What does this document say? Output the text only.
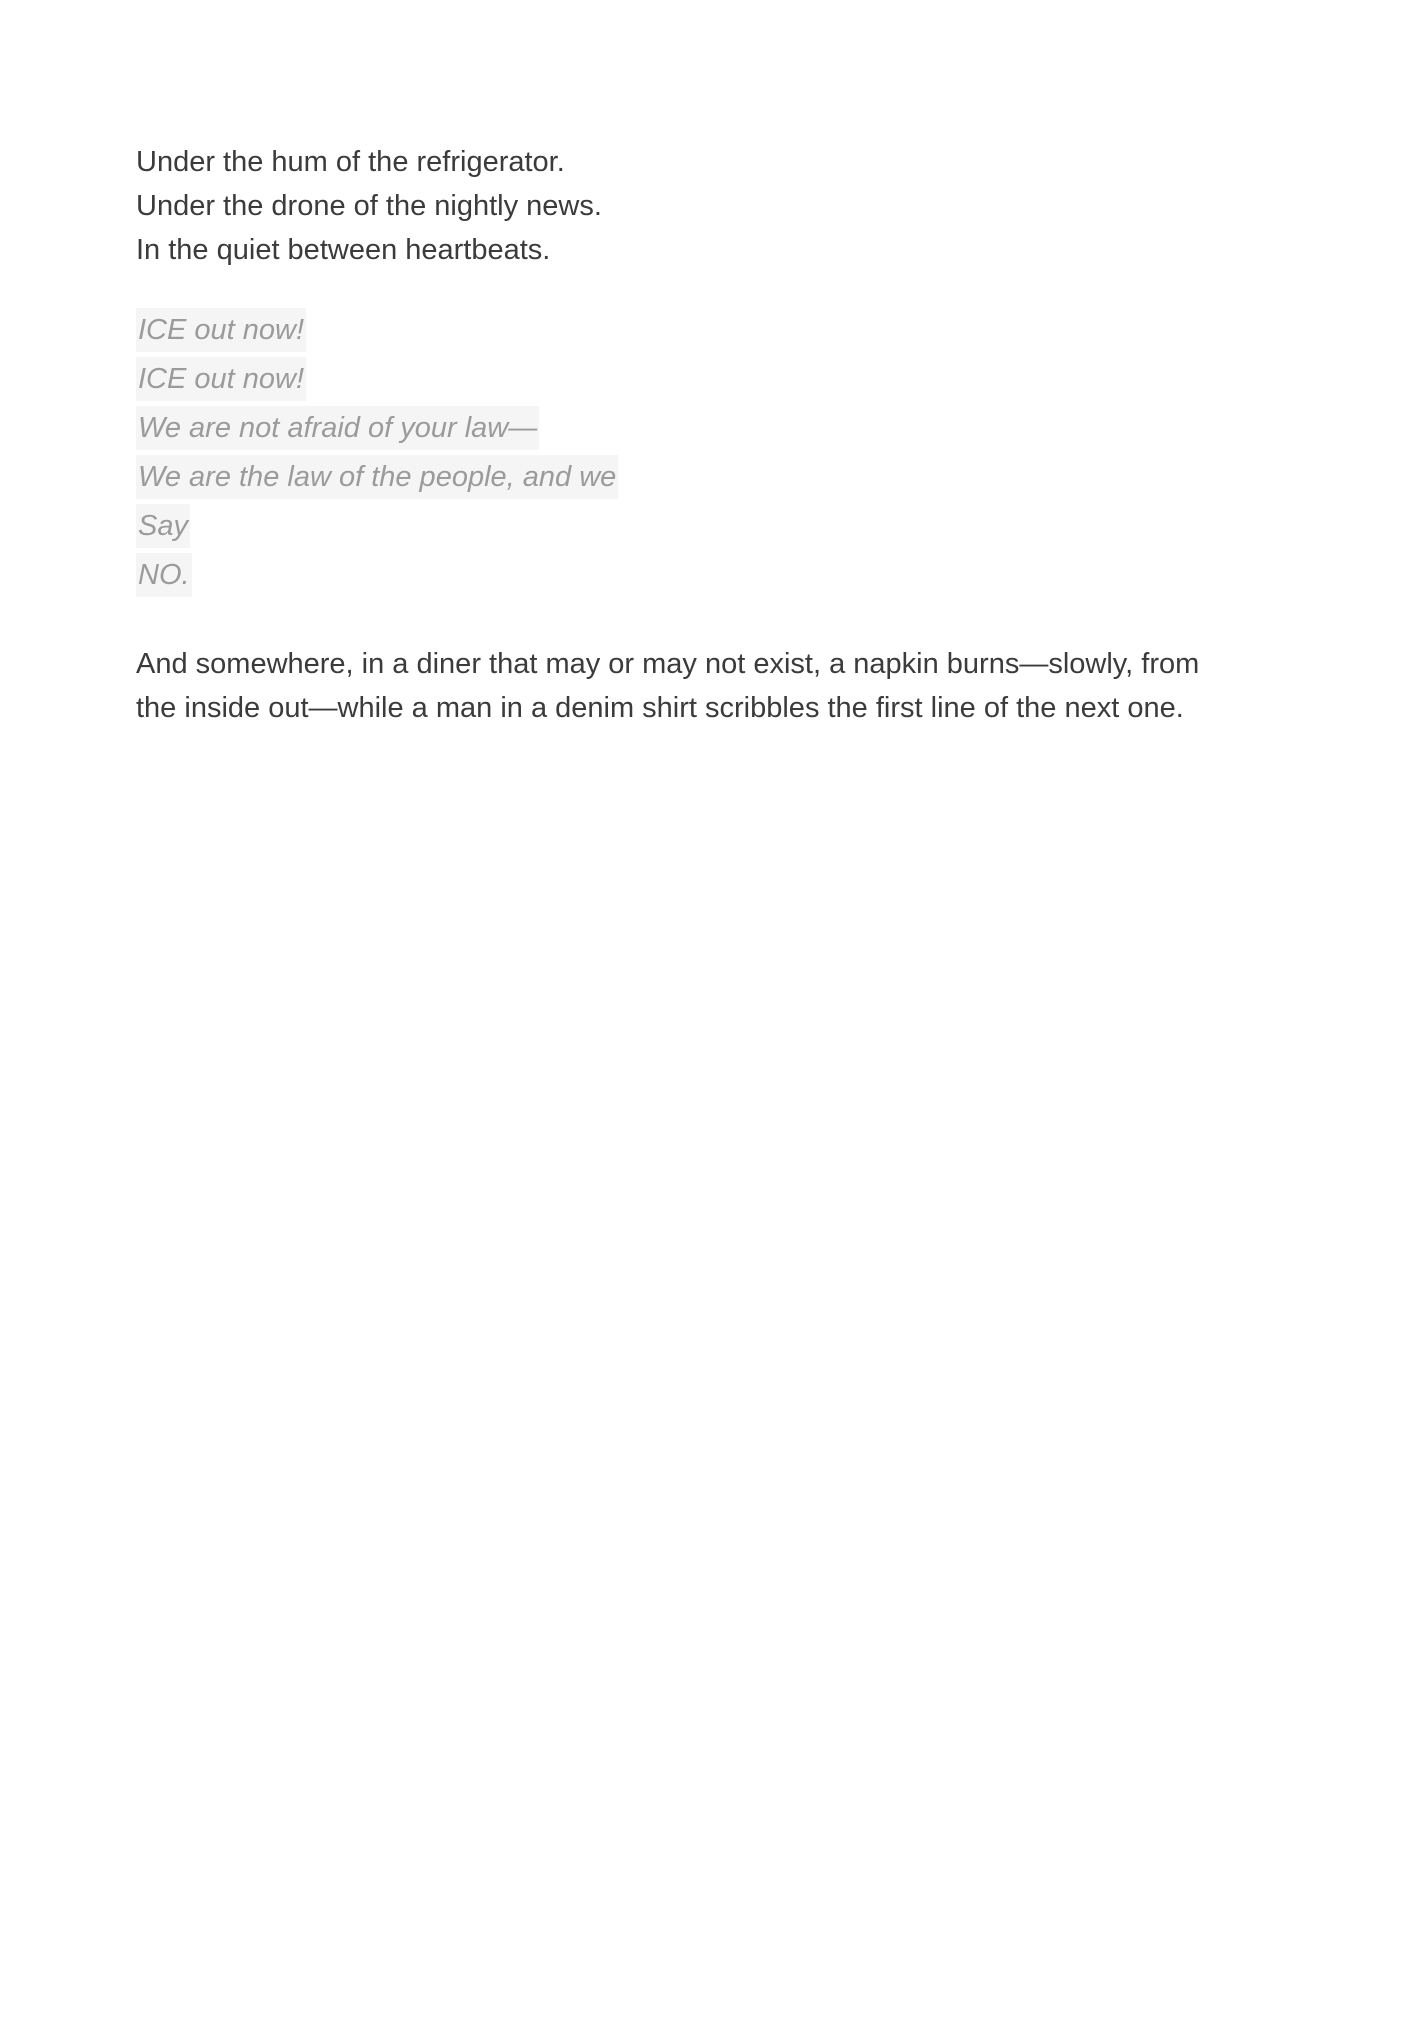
Under the hum of the refrigerator.
Under the drone of the nightly news.
In the quiet between heartbeats.
ICE out now!
ICE out now!
We are not afraid of your law—
We are the law of the people, and we
Say
NO.
And somewhere, in a diner that may or may not exist, a napkin burns—slowly, from the inside out—while a man in a denim shirt scribbles the first line of the next one.
